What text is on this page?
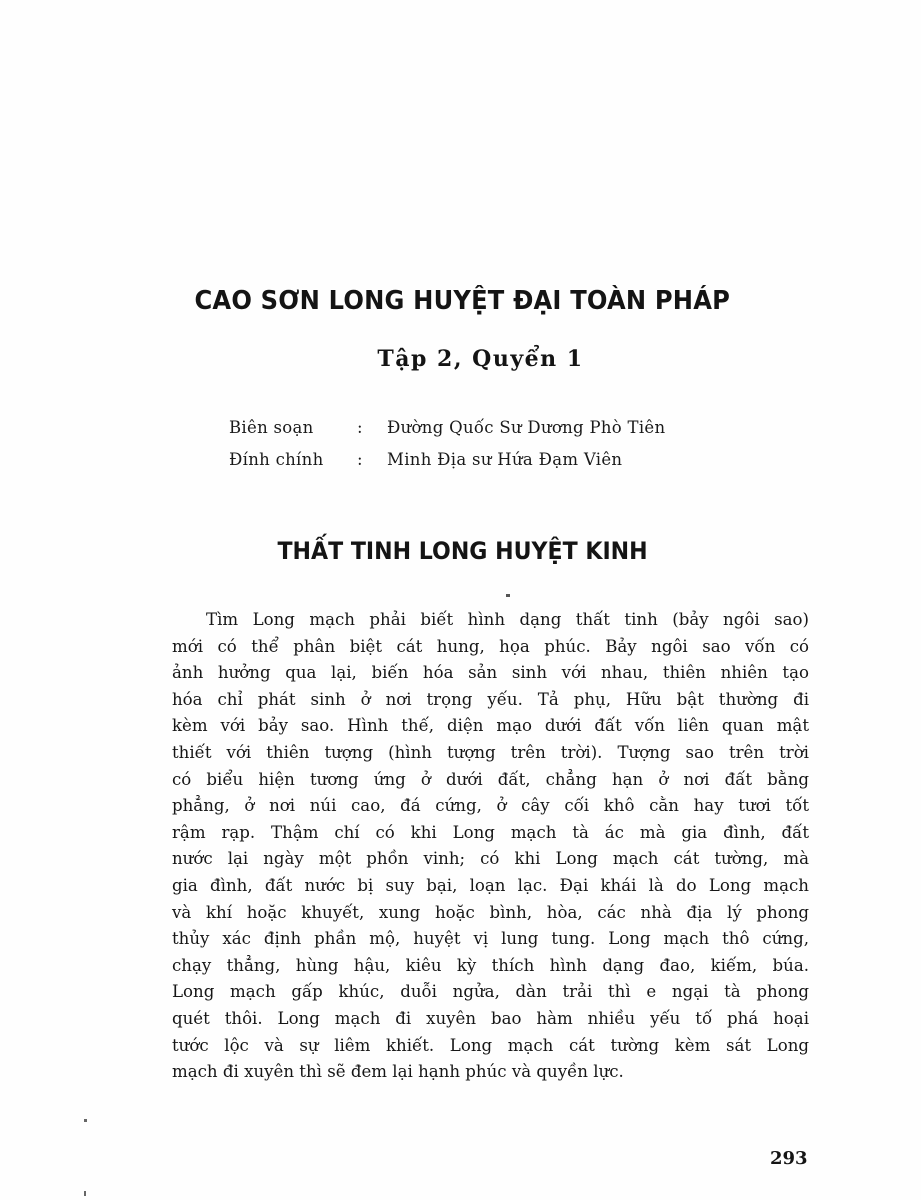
CAO SƠN LONG HUYỆT ĐẠI TOÀN PHÁP
Tập 2, Quyển 1
Biên soạn	:	Đường Quốc Sư Dương Phò Tiên
Đính chính	:	Minh Địa sư Hứa Đạm Viên
THẤT TINH LONG HUYỆT KINH
Tìm Long mạch phải biết hình dạng thất tinh (bảy ngôi sao)
mới có thể phân biệt cát hung, họa phúc. Bảy ngôi sao vốn có
ảnh hưởng qua lại, biến hóa sản sinh với nhau, thiên nhiên tạo
hóa chỉ phát sinh ở nơi trọng yếu. Tả phụ, Hữu bật thường đi
kèm với bảy sao. Hình thế, diện mạo dưới đất vốn liên quan mật
thiết với thiên tượng (hình tượng trên trời). Tượng sao trên trời
có biểu hiện tương ứng ở dưới đất, chẳng hạn ở nơi đất bằng
phẳng, ở nơi núi cao, đá cứng, ở cây cối khô cằn hay tươi tốt
rậm rạp. Thậm chí có khi Long mạch tà ác mà gia đình, đất
nước lại ngày một phồn vinh; có khi Long mạch cát tường, mà
gia đình, đất nước bị suy bại, loạn lạc. Đại khái là do Long mạch
và khí hoặc khuyết, xung hoặc bình, hòa, các nhà địa lý phong
thủy xác định phần mộ, huyệt vị lung tung. Long mạch thô cứng,
chạy thẳng, hùng hậu, kiêu kỳ thích hình dạng đao, kiếm, búa.
Long mạch gấp khúc, duỗi ngửa, dàn trải thì e ngại tà phong
quét thôi. Long mạch đi xuyên bao hàm nhiều yếu tố phá hoại
tước lộc và sự liêm khiết. Long mạch cát tường kèm sát Long
mạch đi xuyên thì sẽ đem lại hạnh phúc và quyền lực.
293
